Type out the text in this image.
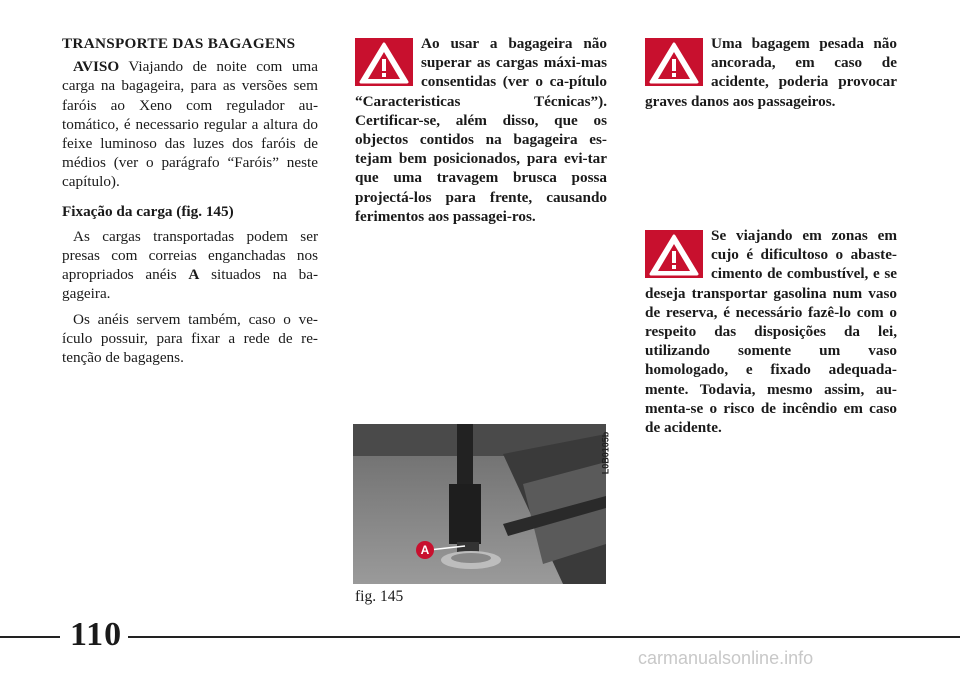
TRANSPORTE DAS BAGAGENS

AVISO Viajando de noite com uma carga na bagageira, para as versões sem faróis ao Xeno com regulador au-tomático, é necessario regular a altura do feixe luminoso das luzes dos faróis de médios (ver o parágrafo “Faróis” neste capítulo).

Fixação da carga (fig. 145)

As cargas transportadas podem ser presas com correias enganchadas nos apropriados anéis A situados na ba-gageira.

Os anéis servem também, caso o ve-ículo possuir, para fixar a rede de re-tenção de bagagens.

Ao usar a bagageira não superar as cargas máxi-mas consentidas (ver o ca-pítulo “Caracteristicas Técnicas”). Certificar-se, além disso, que os objectos contidos na bagageira es-tejam bem posicionados, para evi-tar que uma travagem brusca possa projectá-los para frente, causando ferimentos aos passagei-ros.
A
L0B0105b
fig. 145
Uma bagagem pesada não ancorada, em caso de acidente, poderia provocar graves danos aos passageiros.
Se viajando em zonas em cujo é dificultoso o abaste-cimento de combustível, e se deseja transportar gasolina num vaso de reserva, é necessário fazê-lo com o respeito das disposições da lei, utilizando somente um vaso homologado, e fixado adequada-mente. Todavia, mesmo assim, au-menta-se o risco de incêndio em caso de acidente.
110
carmanualsonline.info
